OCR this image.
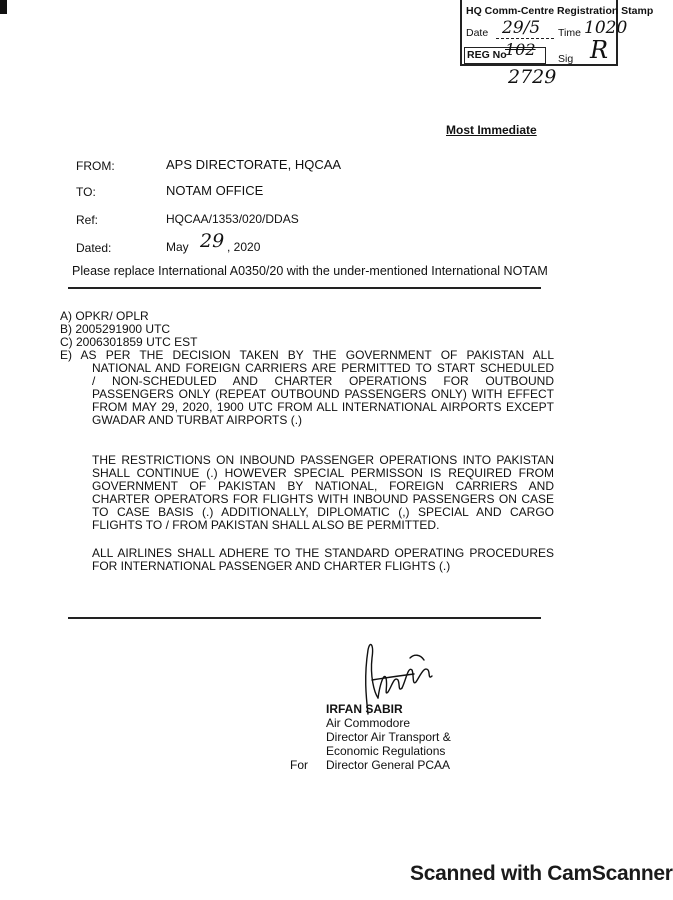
HQ Comm-Centre Registration Stamp
Date 29/5 Time 1020
REG No
102 Sig R
2729
Most Immediate
FROM:	APS DIRECTORATE, HQCAA
TO:	NOTAM OFFICE
Ref:	HQCAA/1353/020/DDAS
Dated:	May 29 , 2020
Please replace International A0350/20 with the under-mentioned International NOTAM

A) OPKR/ OPLR

B) 2005291900 UTC

C) 2006301859 UTC EST

E) AS PER THE DECISION TAKEN BY THE GOVERNMENT OF PAKISTAN ALL

NATIONAL AND FOREIGN CARRIERS ARE PERMITTED TO START SCHEDULED

/ NON-SCHEDULED AND CHARTER OPERATIONS FOR OUTBOUND

PASSENGERS ONLY (REPEAT OUTBOUND PASSENGERS ONLY) WITH EFFECT

FROM MAY 29, 2020, 1900 UTC FROM ALL INTERNATIONAL AIRPORTS EXCEPT

GWADAR AND TURBAT AIRPORTS (.)

THE RESTRICTIONS ON INBOUND PASSENGER OPERATIONS INTO PAKISTAN

SHALL CONTINUE (.) HOWEVER SPECIAL PERMISSON IS REQUIRED FROM

GOVERNMENT OF PAKISTAN BY NATIONAL, FOREIGN CARRIERS AND

CHARTER OPERATORS FOR FLIGHTS WITH INBOUND PASSENGERS ON CASE

TO CASE BASIS (.) ADDITIONALLY, DIPLOMATIC (,) SPECIAL AND CARGO

FLIGHTS TO / FROM PAKISTAN SHALL ALSO BE PERMITTED.

ALL AIRLINES SHALL ADHERE TO THE STANDARD OPERATING PROCEDURES

FOR INTERNATIONAL PASSENGER AND CHARTER FLIGHTS (.)

IRFAN SABIR
Air Commodore
Director Air Transport &
Economic Regulations
For Director General PCAA
Scanned with CamScanner
